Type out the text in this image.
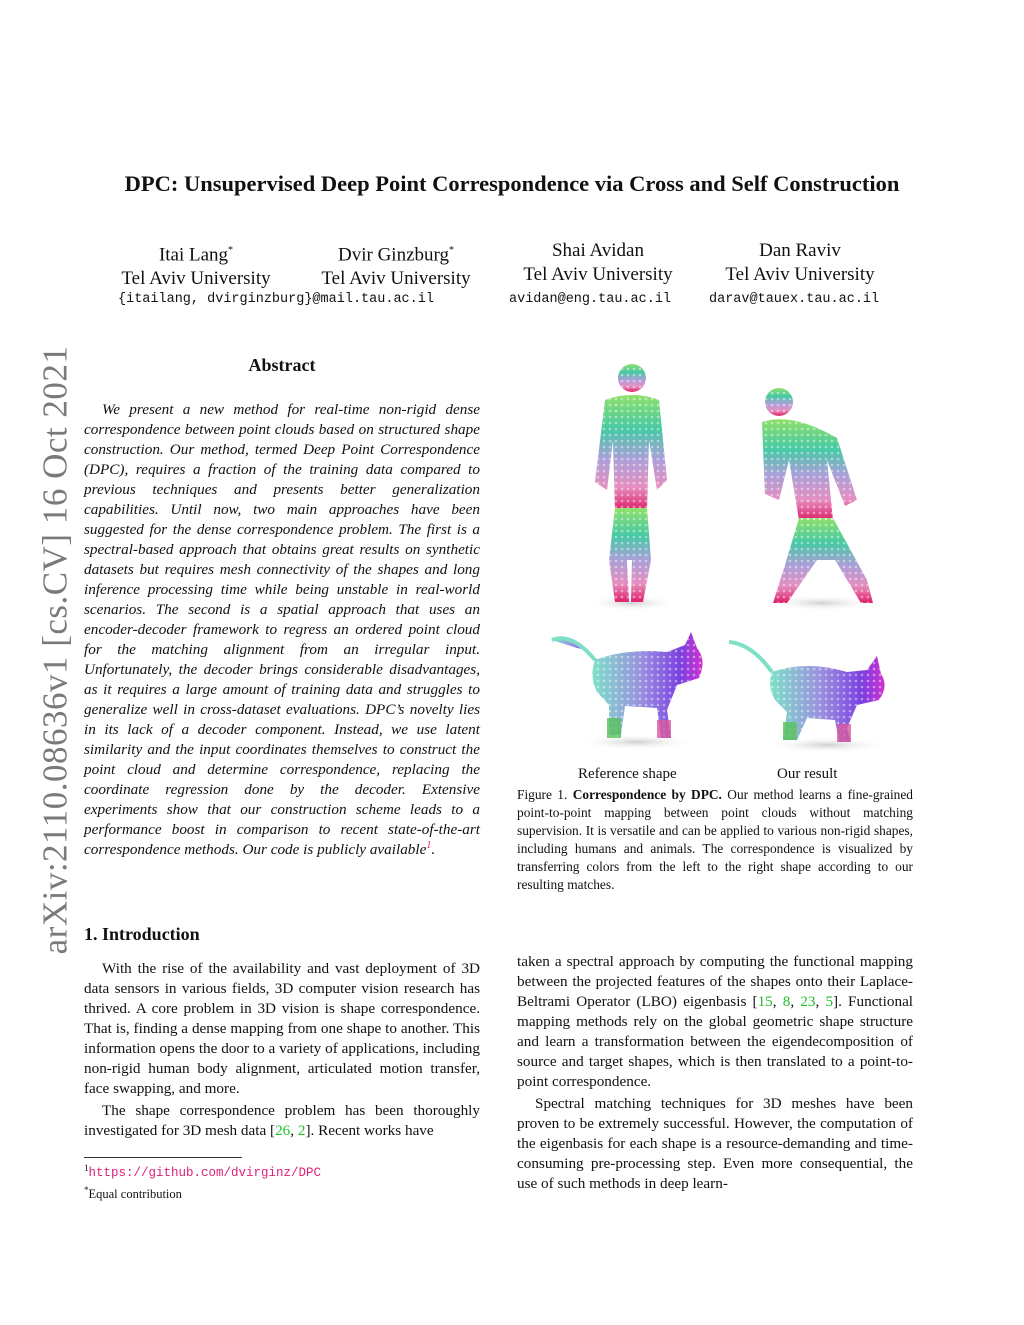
arXiv:2110.08636v1 [cs.CV] 16 Oct 2021
DPC: Unsupervised Deep Point Correspondence via Cross and Self Construction
Itai Lang*
Tel Aviv University
Dvir Ginzburg*
Tel Aviv University
Shai Avidan
Tel Aviv University
Dan Raviv
Tel Aviv University
{itailang, dvirginzburg}@mail.tau.ac.il	avidan@eng.tau.ac.il	darav@tauex.tau.ac.il
Abstract

We present a new method for real-time non-rigid dense correspondence between point clouds based on structured shape construction. Our method, termed Deep Point Correspondence (DPC), requires a fraction of the training data compared to previous techniques and presents better generalization capabilities. Until now, two main approaches have been suggested for the dense correspondence problem. The first is a spectral-based approach that obtains great results on synthetic datasets but requires mesh connectivity of the shapes and long inference processing time while being unstable in real-world scenarios. The second is a spatial approach that uses an encoder-decoder framework to regress an ordered point cloud for the matching alignment from an irregular input. Unfortunately, the decoder brings considerable disadvantages, as it requires a large amount of training data and struggles to generalize well in cross-dataset evaluations. DPC’s novelty lies in its lack of a decoder component. Instead, we use latent similarity and the input coordinates themselves to construct the point cloud and determine correspondence, replacing the coordinate regression done by the decoder. Extensive experiments show that our construction scheme leads to a performance boost in comparison to recent state-of-the-art correspondence methods. Our code is publicly available$^1$.

Reference shape	Our result
Figure 1. Correspondence by DPC. Our method learns a fine-grained point-to-point mapping between point clouds without matching supervision. It is versatile and can be applied to various non-rigid shapes, including humans and animals. The correspondence is visualized by transferring colors from the left to the right shape according to our resulting matches.
1. Introduction

With the rise of the availability and vast deployment of 3D data sensors in various fields, 3D computer vision research has thrived. A core problem in 3D vision is shape correspondence. That is, finding a dense mapping from one shape to another. This information opens the door to a variety of applications, including non-rigid human body alignment, articulated motion transfer, face swapping, and more.

The shape correspondence problem has been thoroughly investigated for 3D mesh data [26, 2]. Recent works have

taken a spectral approach by computing the functional mapping between the projected features of the shapes onto their Laplace-Beltrami Operator (LBO) eigenbasis [15, 8, 23, 5]. Functional mapping methods rely on the global geometric shape structure and learn a transformation between the eigendecomposition of source and target shapes, which is then translated to a point-to-point correspondence.

Spectral matching techniques for 3D meshes have been proven to be extremely successful. However, the computation of the eigenbasis for each shape is a resource-demanding and time-consuming pre-processing step. Even more consequential, the use of such methods in deep learn-

$^1$https://github.com/dvirginz/DPC
*Equal contribution
